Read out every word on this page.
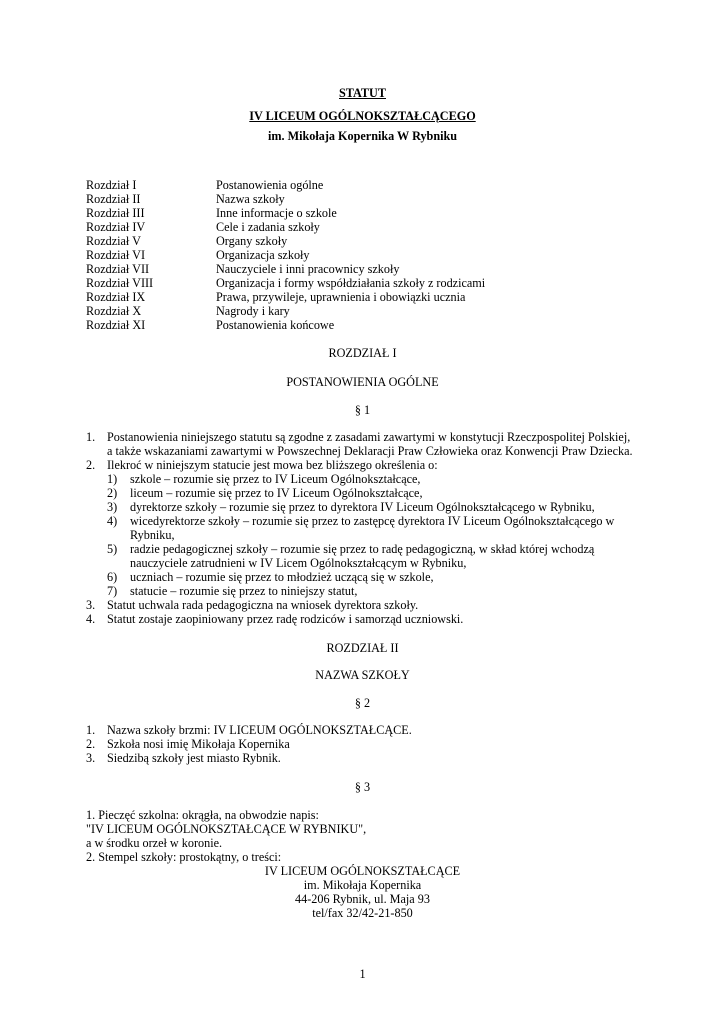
STATUT
IV LICEUM OGÓLNOKSZTAŁCĄCEGO
im. Mikołaja Kopernika W Rybniku
Rozdział I	Postanowienia ogólne
Rozdział II	Nazwa szkoły
Rozdział III	Inne informacje o szkole
Rozdział IV	Cele i zadania szkoły
Rozdział V	Organy szkoły
Rozdział VI	Organizacja szkoły
Rozdział VII	Nauczyciele i inni pracownicy szkoły
Rozdział VIII	Organizacja i formy współdziałania szkoły z rodzicami
Rozdział IX	Prawa, przywileje, uprawnienia i obowiązki ucznia
Rozdział X	Nagrody i kary
Rozdział XI	Postanowienia końcowe
ROZDZIAŁ I
POSTANOWIENIA OGÓLNE
§ 1
1. Postanowienia niniejszego statutu są zgodne z zasadami zawartymi w konstytucji Rzeczpospolitej Polskiej,
a także wskazaniami zawartymi w Powszechnej Deklaracji Praw Człowieka oraz Konwencji Praw Dziecka.
2. Ilekroć w niniejszym statucie jest mowa bez bliższego określenia o:
1) szkole – rozumie się przez to IV Liceum Ogólnokształcące,
2) liceum – rozumie się przez to IV Liceum Ogólnokształcące,
3) dyrektorze szkoły – rozumie się przez to dyrektora IV Liceum Ogólnokształcącego w Rybniku,
4) wicedyrektorze szkoły – rozumie się przez to zastępcę dyrektora IV Liceum Ogólnokształcącego w
Rybniku,
5) radzie pedagogicznej szkoły – rozumie się przez to radę pedagogiczną, w skład której wchodzą
nauczyciele zatrudnieni w IV Licem Ogólnokształcącym w Rybniku,
6) uczniach – rozumie się przez to młodzież uczącą się w szkole,
7) statucie – rozumie się przez to niniejszy statut,
3. Statut uchwala rada pedagogiczna na wniosek dyrektora szkoły.
4. Statut zostaje zaopiniowany przez radę rodziców i samorząd uczniowski.
ROZDZIAŁ II
NAZWA SZKOŁY
§ 2
1. Nazwa szkoły brzmi: IV LICEUM OGÓLNOKSZTAŁCĄCE.
2. Szkoła nosi imię Mikołaja Kopernika
3. Siedzibą szkoły jest miasto Rybnik.
§ 3
1. Pieczęć szkolna: okrągła, na obwodzie napis:
"IV LICEUM OGÓLNOKSZTAŁCĄCE W RYBNIKU",
a w środku orzeł w koronie.
2. Stempel szkoły: prostokątny, o treści:
IV LICEUM OGÓLNOKSZTAŁCĄCE
im. Mikołaja Kopernika
44-206 Rybnik, ul. Maja 93
tel/fax 32/42-21-850
1
